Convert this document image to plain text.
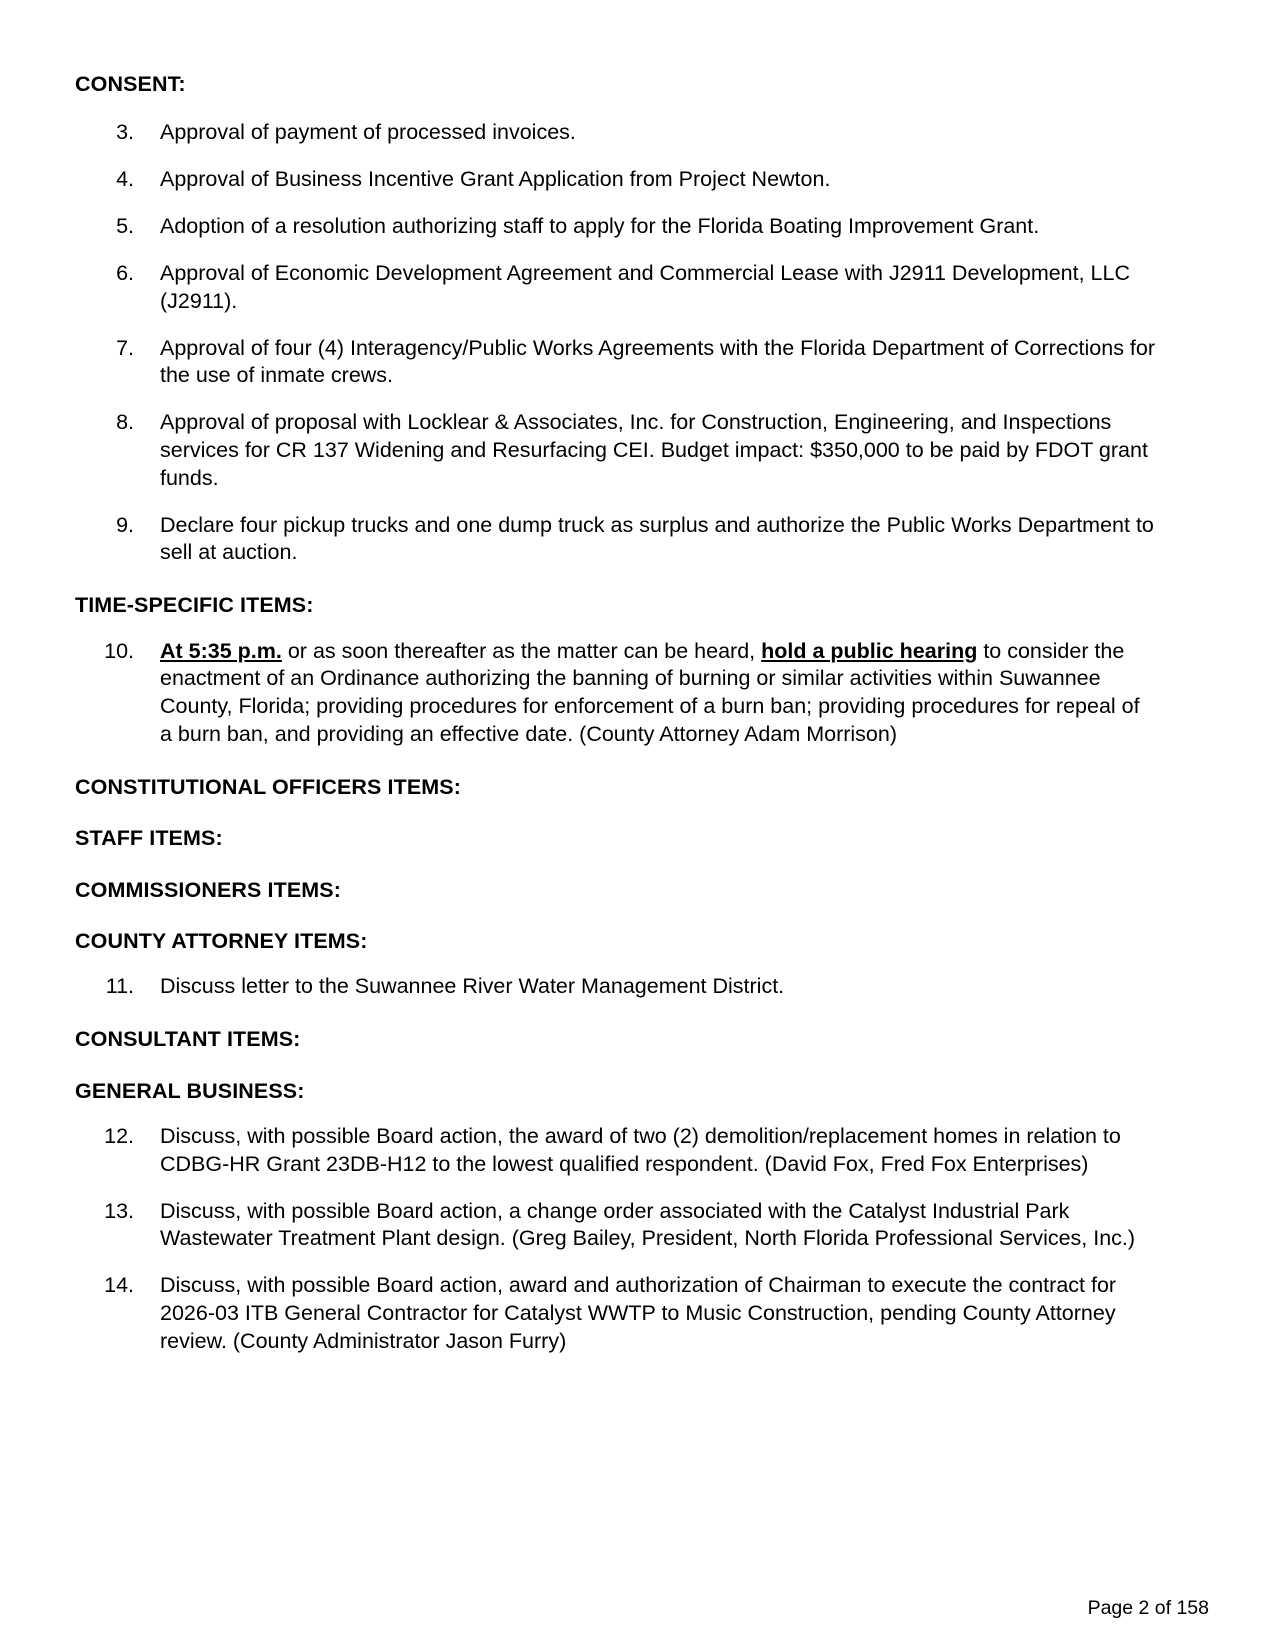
CONSENT:
3.	Approval of payment of processed invoices.
4.	Approval of Business Incentive Grant Application from Project Newton.
5.	Adoption of a resolution authorizing staff to apply for the Florida Boating Improvement Grant.
6.	Approval of Economic Development Agreement and Commercial Lease with J2911 Development, LLC (J2911).
7.	Approval of four (4) Interagency/Public Works Agreements with the Florida Department of Corrections for the use of inmate crews.
8.	Approval of proposal with Locklear & Associates, Inc. for Construction, Engineering, and Inspections services for CR 137 Widening and Resurfacing CEI. Budget impact: $350,000 to be paid by FDOT grant funds.
9.	Declare four pickup trucks and one dump truck as surplus and authorize the Public Works Department to sell at auction.
TIME-SPECIFIC ITEMS:
10.	At 5:35 p.m. or as soon thereafter as the matter can be heard, hold a public hearing to consider the enactment of an Ordinance authorizing the banning of burning or similar activities within Suwannee County, Florida; providing procedures for enforcement of a burn ban; providing procedures for repeal of a burn ban, and providing an effective date. (County Attorney Adam Morrison)
CONSTITUTIONAL OFFICERS ITEMS:
STAFF ITEMS:
COMMISSIONERS ITEMS:
COUNTY ATTORNEY ITEMS:
11.	Discuss letter to the Suwannee River Water Management District.
CONSULTANT ITEMS:
GENERAL BUSINESS:
12.	Discuss, with possible Board action, the award of two (2) demolition/replacement homes in relation to CDBG-HR Grant 23DB-H12 to the lowest qualified respondent. (David Fox, Fred Fox Enterprises)
13.	Discuss, with possible Board action, a change order associated with the Catalyst Industrial Park Wastewater Treatment Plant design. (Greg Bailey, President, North Florida Professional Services, Inc.)
14.	Discuss, with possible Board action, award and authorization of Chairman to execute the contract for 2026-03 ITB General Contractor for Catalyst WWTP to Music Construction, pending County Attorney review. (County Administrator Jason Furry)
Page 2 of 158
